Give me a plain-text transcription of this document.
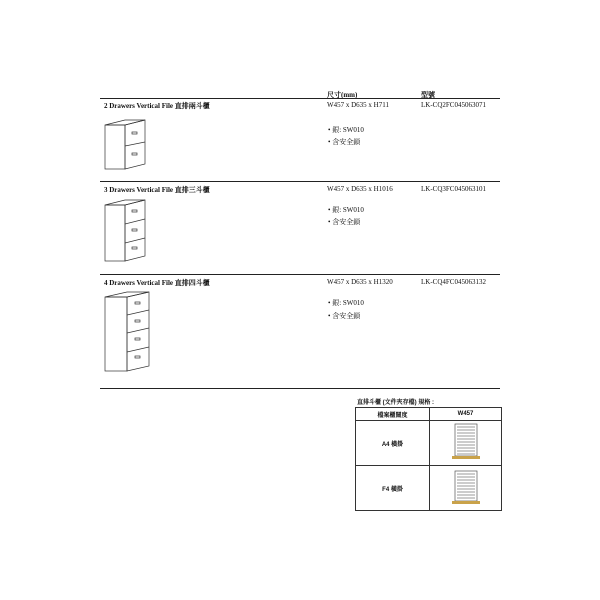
尺寸(mm)	型號
2 Drawers Vertical File 直排兩斗櫃	W457 x D635 x H711	LK-CQ2FC045063071
• 銀: SW010
• 含安全鎖
3 Drawers Vertical File 直排三斗櫃	W457 x D635 x H1016	LK-CQ3FC045063101
• 銀: SW010
• 含安全鎖
4 Drawers Vertical File 直排四斗櫃	W457 x D635 x H1320	LK-CQ4FC045063132
• 銀: SW010
• 含安全鎖
直排斗櫃 (文件夾存檔) 規格 :
檔案櫃闊度	W457
A4 橫掛	
F4 橫掛	
